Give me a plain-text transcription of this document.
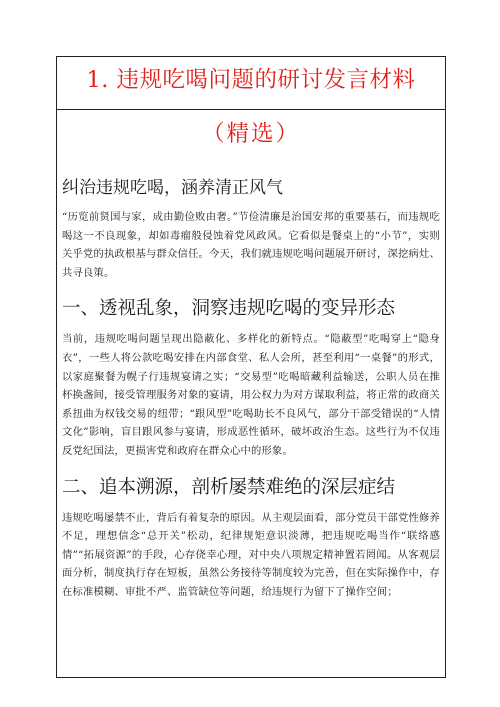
1. 违规吃喝问题的研讨发言材料
（精选）
纠治违规吃喝，涵养清正风气

“历览前贤国与家，成由勤俭败由奢。”节俭清廉是治国安邦的重要基石，而违规吃喝这一不良现象，却如毒瘤般侵蚀着党风政风。它看似是餐桌上的“小节”，实则关乎党的执政根基与群众信任。今天，我们就违规吃喝问题展开研讨，深挖病灶、共寻良策。

一、透视乱象，洞察违规吃喝的变异形态

当前，违规吃喝问题呈现出隐蔽化、多样化的新特点。“隐蔽型”吃喝穿上“隐身衣”，一些人将公款吃喝安排在内部食堂、私人会所，甚至利用“一桌餐”的形式，以家庭聚餐为幌子行违规宴请之实；“交易型”吃喝暗藏利益输送，公职人员在推杯换盏间，接受管理服务对象的宴请，用公权力为对方谋取利益，将正常的政商关系扭曲为权钱交易的纽带；“跟风型”吃喝助长不良风气，部分干部受错误的“人情文化”影响，盲目跟风参与宴请，形成恶性循环，破坏政治生态。这些行为不仅违反党纪国法，更损害党和政府在群众心中的形象。

二、追本溯源，剖析屡禁难绝的深层症结

违规吃喝屡禁不止，背后有着复杂的原因。从主观层面看，部分党员干部党性修养不足，理想信念“总开关”松动，纪律规矩意识淡薄，把违规吃喝当作“联络感情”“拓展资源”的手段，心存侥幸心理，对中央八项规定精神置若罔闻。从客观层面分析，制度执行存在短板，虽然公务接待等制度较为完善，但在实际操作中，存在标准模糊、审批不严、监管缺位等问题，给违规行为留下了操作空间；
